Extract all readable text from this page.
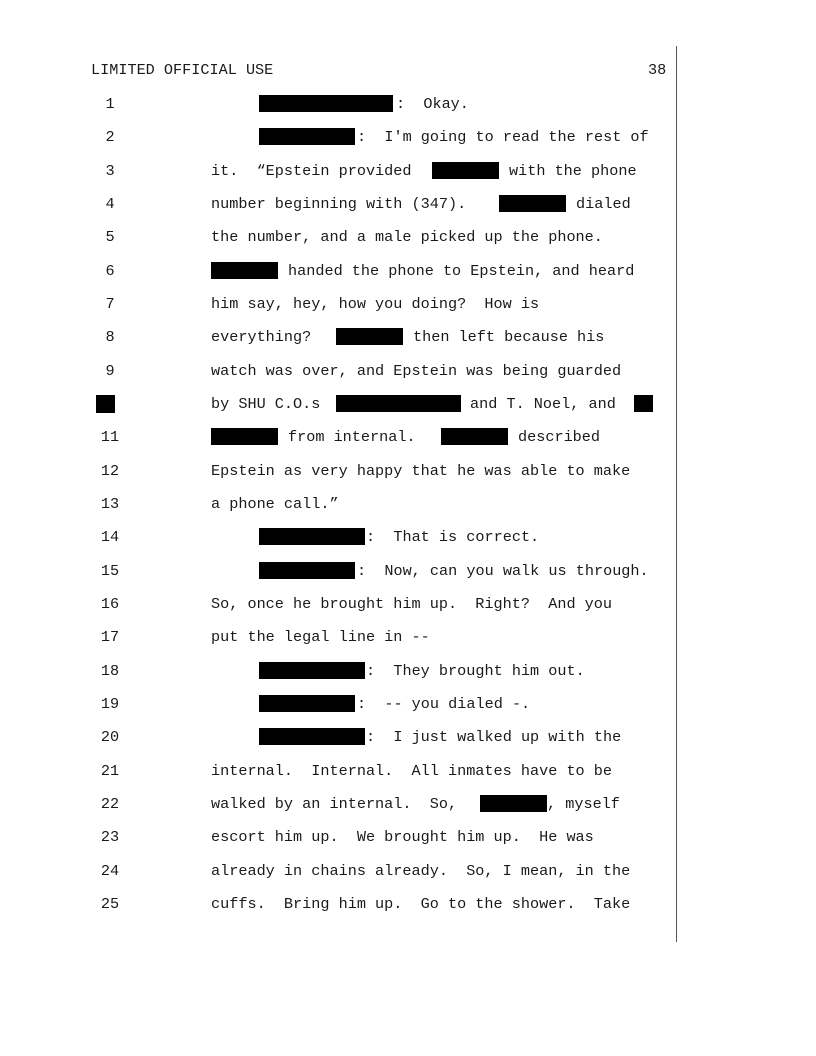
LIMITED OFFICIAL USE	38
1
2
3
4
5
6
7
8
9
11
12
13
14
15
16
17
18
19
20
21
22
23
24
25
:  Okay.
:  I'm going to read the rest of
it.  “Epstein provided	with the phone
number beginning with (347).	dialed
the number, and a male picked up the phone.
handed the phone to Epstein, and heard
him say, hey, how you doing?  How is
everything?	then left because his
watch was over, and Epstein was being guarded
by SHU C.O.s	and T. Noel, and
from internal.	described
Epstein as very happy that he was able to make
a phone call.”
:  That is correct.
:  Now, can you walk us through.
So, once he brought him up.  Right?  And you
put the legal line in --
:  They brought him out.
:  -- you dialed -.
:  I just walked up with the
internal.  Internal.  All inmates have to be
walked by an internal.  So,	, myself
escort him up.  We brought him up.  He was
already in chains already.  So, I mean, in the
cuffs.  Bring him up.  Go to the shower.  Take
